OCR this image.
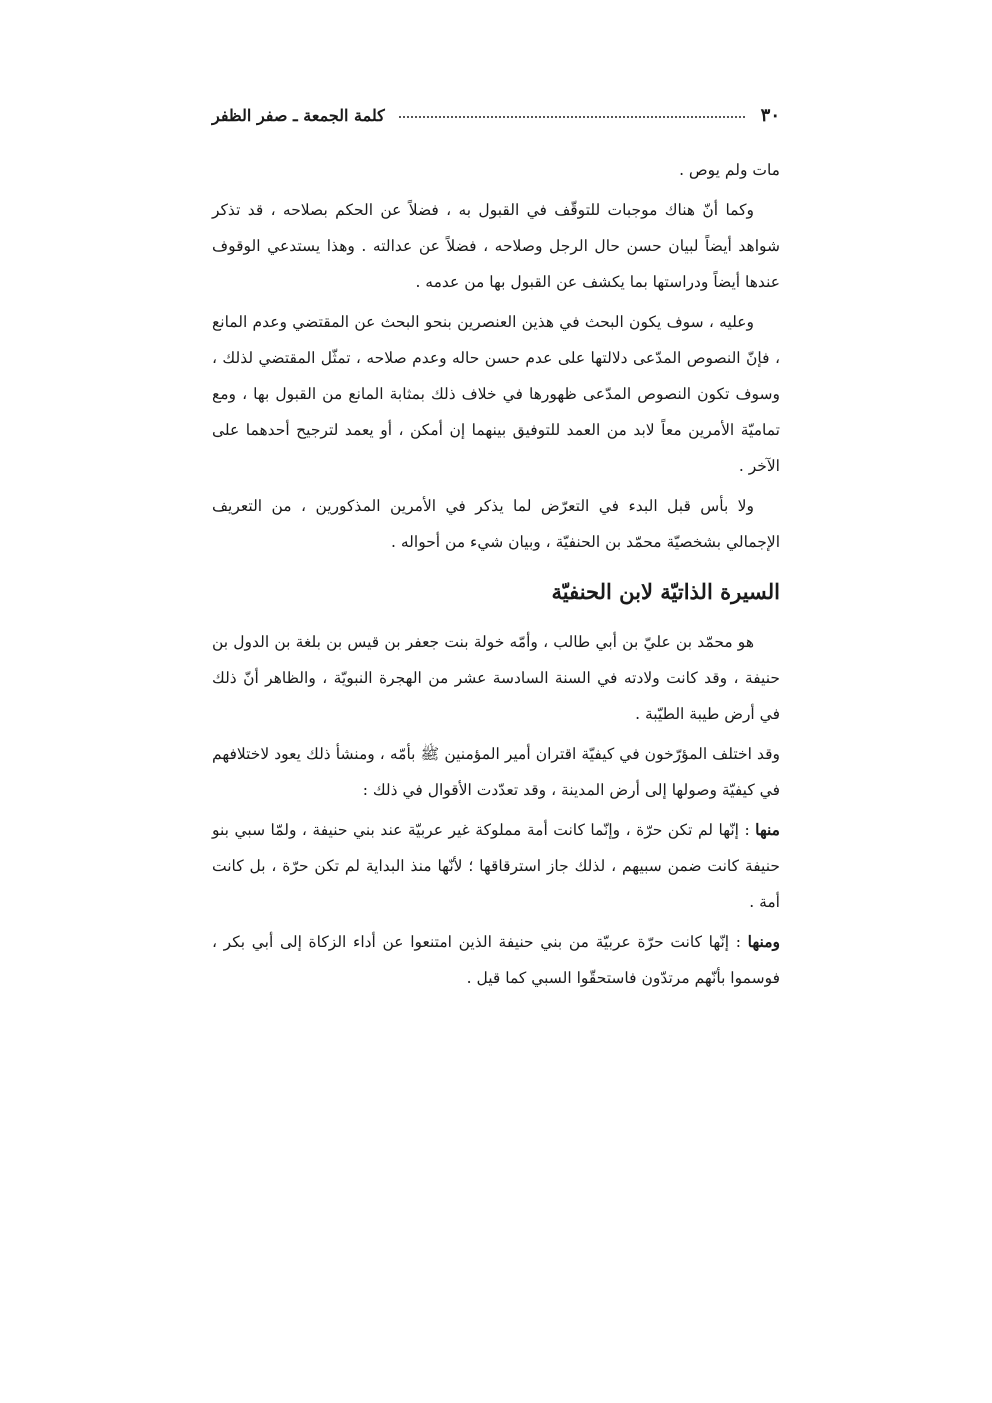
٣٠
كلمة الجمعة ـ صفر الظفر

مات ولم يوص .

وكما أنّ هناك موجبات للتوقّف في القبول به ، فضلاً عن الحكم بصلاحه ، قد تذكر شواهد أيضاً لبيان حسن حال الرجل وصلاحه ، فضلاً عن عدالته . وهذا يستدعي الوقوف عندها أيضاً ودراستها بما يكشف عن القبول بها من عدمه .

وعليه ، سوف يكون البحث في هذين العنصرين بنحو البحث عن المقتضي وعدم المانع ، فإنّ النصوص المدّعى دلالتها على عدم حسن حاله وعدم صلاحه ، تمثّل المقتضي لذلك ، وسوف تكون النصوص المدّعى ظهورها في خلاف ذلك بمثابة المانع من القبول بها ، ومع تماميّة الأمرين معاً لابد من العمد للتوفيق بينهما إن أمكن ، أو يعمد لترجيح أحدهما على الآخر .

ولا بأس قبل البدء في التعرّض لما يذكر في الأمرين المذكورين ، من التعريف الإجمالي بشخصيّة محمّد بن الحنفيّة ، وبيان شيء من أحواله .

السيرة الذاتيّة لابن الحنفيّة

هو محمّد بن عليّ بن أبي طالب ، وأمّه خولة بنت جعفر بن قيس بن بلغة بن الدول بن حنيفة ، وقد كانت ولادته في السنة السادسة عشر من الهجرة النبويّة ، والظاهر أنّ ذلك في أرض طيبة الطيّبة .

وقد اختلف المؤرّخون في كيفيّة اقتران أمير المؤمنين ﷺ بأمّه ، ومنشأ ذلك يعود لاختلافهم في كيفيّة وصولها إلى أرض المدينة ، وقد تعدّدت الأقوال في ذلك :

منها : إنّها لم تكن حرّة ، وإنّما كانت أمة مملوكة غير عربيّة عند بني حنيفة ، ولمّا سبي بنو حنيفة كانت ضمن سبيهم ، لذلك جاز استرقاقها ؛ لأنّها منذ البداية لم تكن حرّة ، بل كانت أمة .

ومنها : إنّها كانت حرّة عربيّة من بني حنيفة الذين امتنعوا عن أداء الزكاة إلى أبي بكر ، فوسموا بأنّهم مرتدّون فاستحقّوا السبي كما قيل .
